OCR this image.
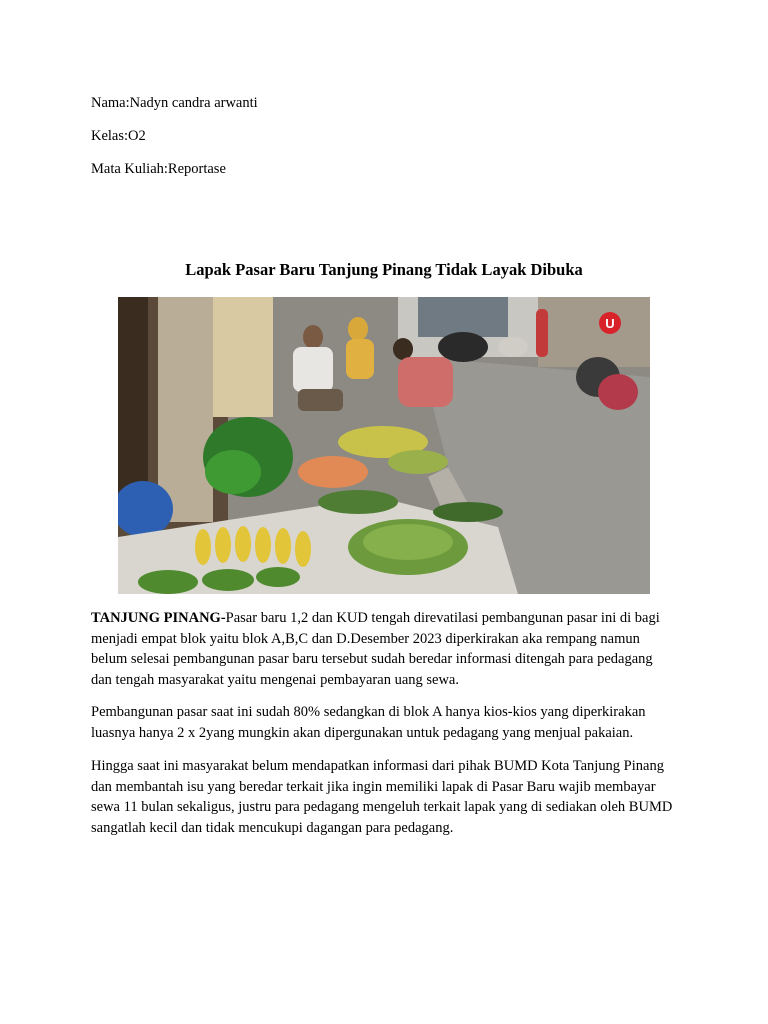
Nama:Nadyn candra arwanti

Kelas:O2

Mata Kuliah:Reportase

Lapak Pasar Baru Tanjung Pinang Tidak Layak Dibuka
U

TANJUNG PINANG-Pasar baru 1,2 dan KUD tengah direvatilasi pembangunan pasar ini di bagi menjadi empat blok yaitu blok A,B,C dan D.Desember 2023 diperkirakan aka rempang namun belum selesai pembangunan pasar baru tersebut sudah beredar informasi ditengah para pedagang dan tengah masyarakat yaitu mengenai pembayaran uang sewa.

Pembangunan pasar saat ini sudah 80% sedangkan di blok A hanya kios-kios yang diperkirakan luasnya hanya 2 x 2yang mungkin akan dipergunakan untuk pedagang yang menjual pakaian.

Hingga saat ini masyarakat belum mendapatkan informasi dari pihak BUMD Kota Tanjung Pinang dan membantah isu yang beredar terkait jika ingin memiliki lapak di Pasar Baru wajib membayar sewa 11 bulan sekaligus, justru para pedagang mengeluh terkait lapak yang di sediakan oleh BUMD sangatlah kecil dan tidak mencukupi dagangan para pedagang.
